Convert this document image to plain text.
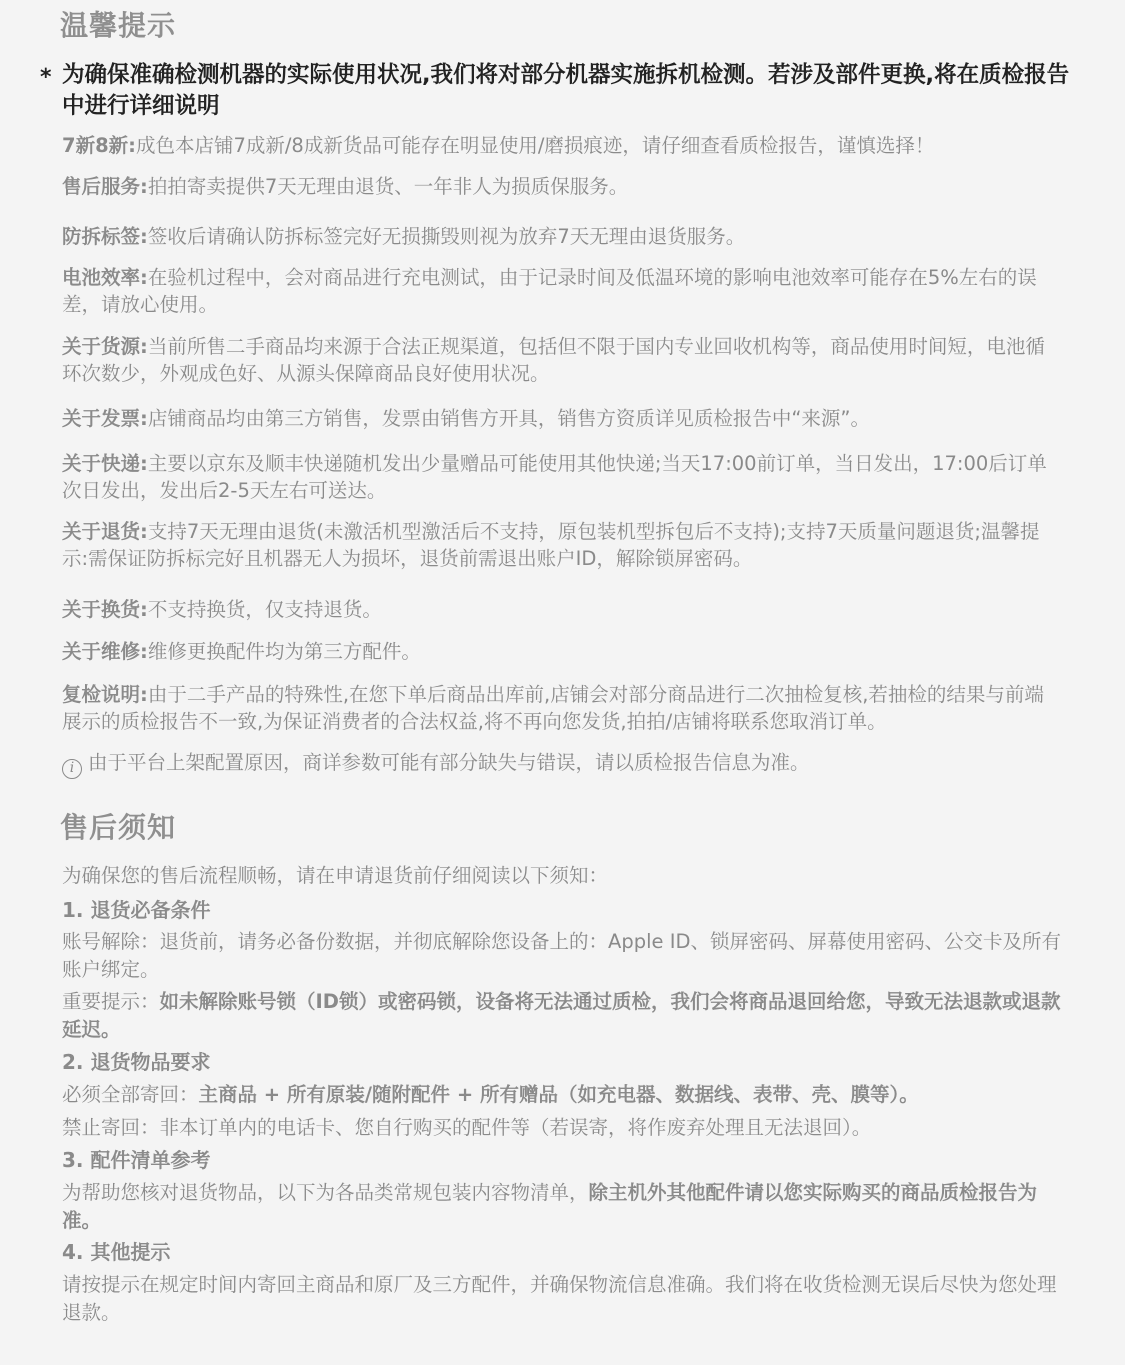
温馨提示
* 为确保准确检测机器的实际使用状况,我们将对部分机器实施拆机检测。若涉及部件更换,将在质检报告中进行详细说明
7新8新:成色本店铺7成新/8成新货品可能存在明显使用/磨损痕迹，请仔细查看质检报告，谨慎选择！
售后服务:拍拍寄卖提供7天无理由退货、一年非人为损质保服务。
防拆标签:签收后请确认防拆标签完好无损撕毁则视为放弃7天无理由退货服务。
电池效率:在验机过程中，会对商品进行充电测试，由于记录时间及低温环境的影响电池效率可能存在5%左右的误差，请放心使用。
关于货源:当前所售二手商品均来源于合法正规渠道，包括但不限于国内专业回收机构等，商品使用时间短，电池循环次数少，外观成色好、从源头保障商品良好使用状况。
关于发票:店铺商品均由第三方销售，发票由销售方开具，销售方资质详见质检报告中“来源”。
关于快递:主要以京东及顺丰快递随机发出少量赠品可能使用其他快递;当天17:00前订单，当日发出，17:00后订单次日发出，发出后2-5天左右可送达。
关于退货:支持7天无理由退货(未激活机型激活后不支持，原包装机型拆包后不支持);支持7天质量问题退货;温馨提示:需保证防拆标完好且机器无人为损坏，退货前需退出账户ID，解除锁屏密码。
关于换货:不支持换货，仅支持退货。
关于维修:维修更换配件均为第三方配件。
复检说明:由于二手产品的特殊性,在您下单后商品出库前,店铺会对部分商品进行二次抽检复核,若抽检的结果与前端展示的质检报告不一致,为保证消费者的合法权益,将不再向您发货,拍拍/店铺将联系您取消订单。
i 由于平台上架配置原因，商详参数可能有部分缺失与错误，请以质检报告信息为准。
售后须知
为确保您的售后流程顺畅，请在申请退货前仔细阅读以下须知：
1. 退货必备条件
账号解除：退货前，请务必备份数据，并彻底解除您设备上的：Apple ID、锁屏密码、屏幕使用密码、公交卡及所有账户绑定。
重要提示：如未解除账号锁（ID锁）或密码锁，设备将无法通过质检，我们会将商品退回给您，导致无法退款或退款延迟。
2. 退货物品要求
必须全部寄回：主商品 + 所有原装/随附配件 + 所有赠品（如充电器、数据线、表带、壳、膜等）。
禁止寄回：非本订单内的电话卡、您自行购买的配件等（若误寄，将作废弃处理且无法退回）。
3. 配件清单参考
为帮助您核对退货物品，以下为各品类常规包装内容物清单，除主机外其他配件请以您实际购买的商品质检报告为准。
4. 其他提示
请按提示在规定时间内寄回主商品和原厂及三方配件，并确保物流信息准确。我们将在收货检测无误后尽快为您处理退款。
